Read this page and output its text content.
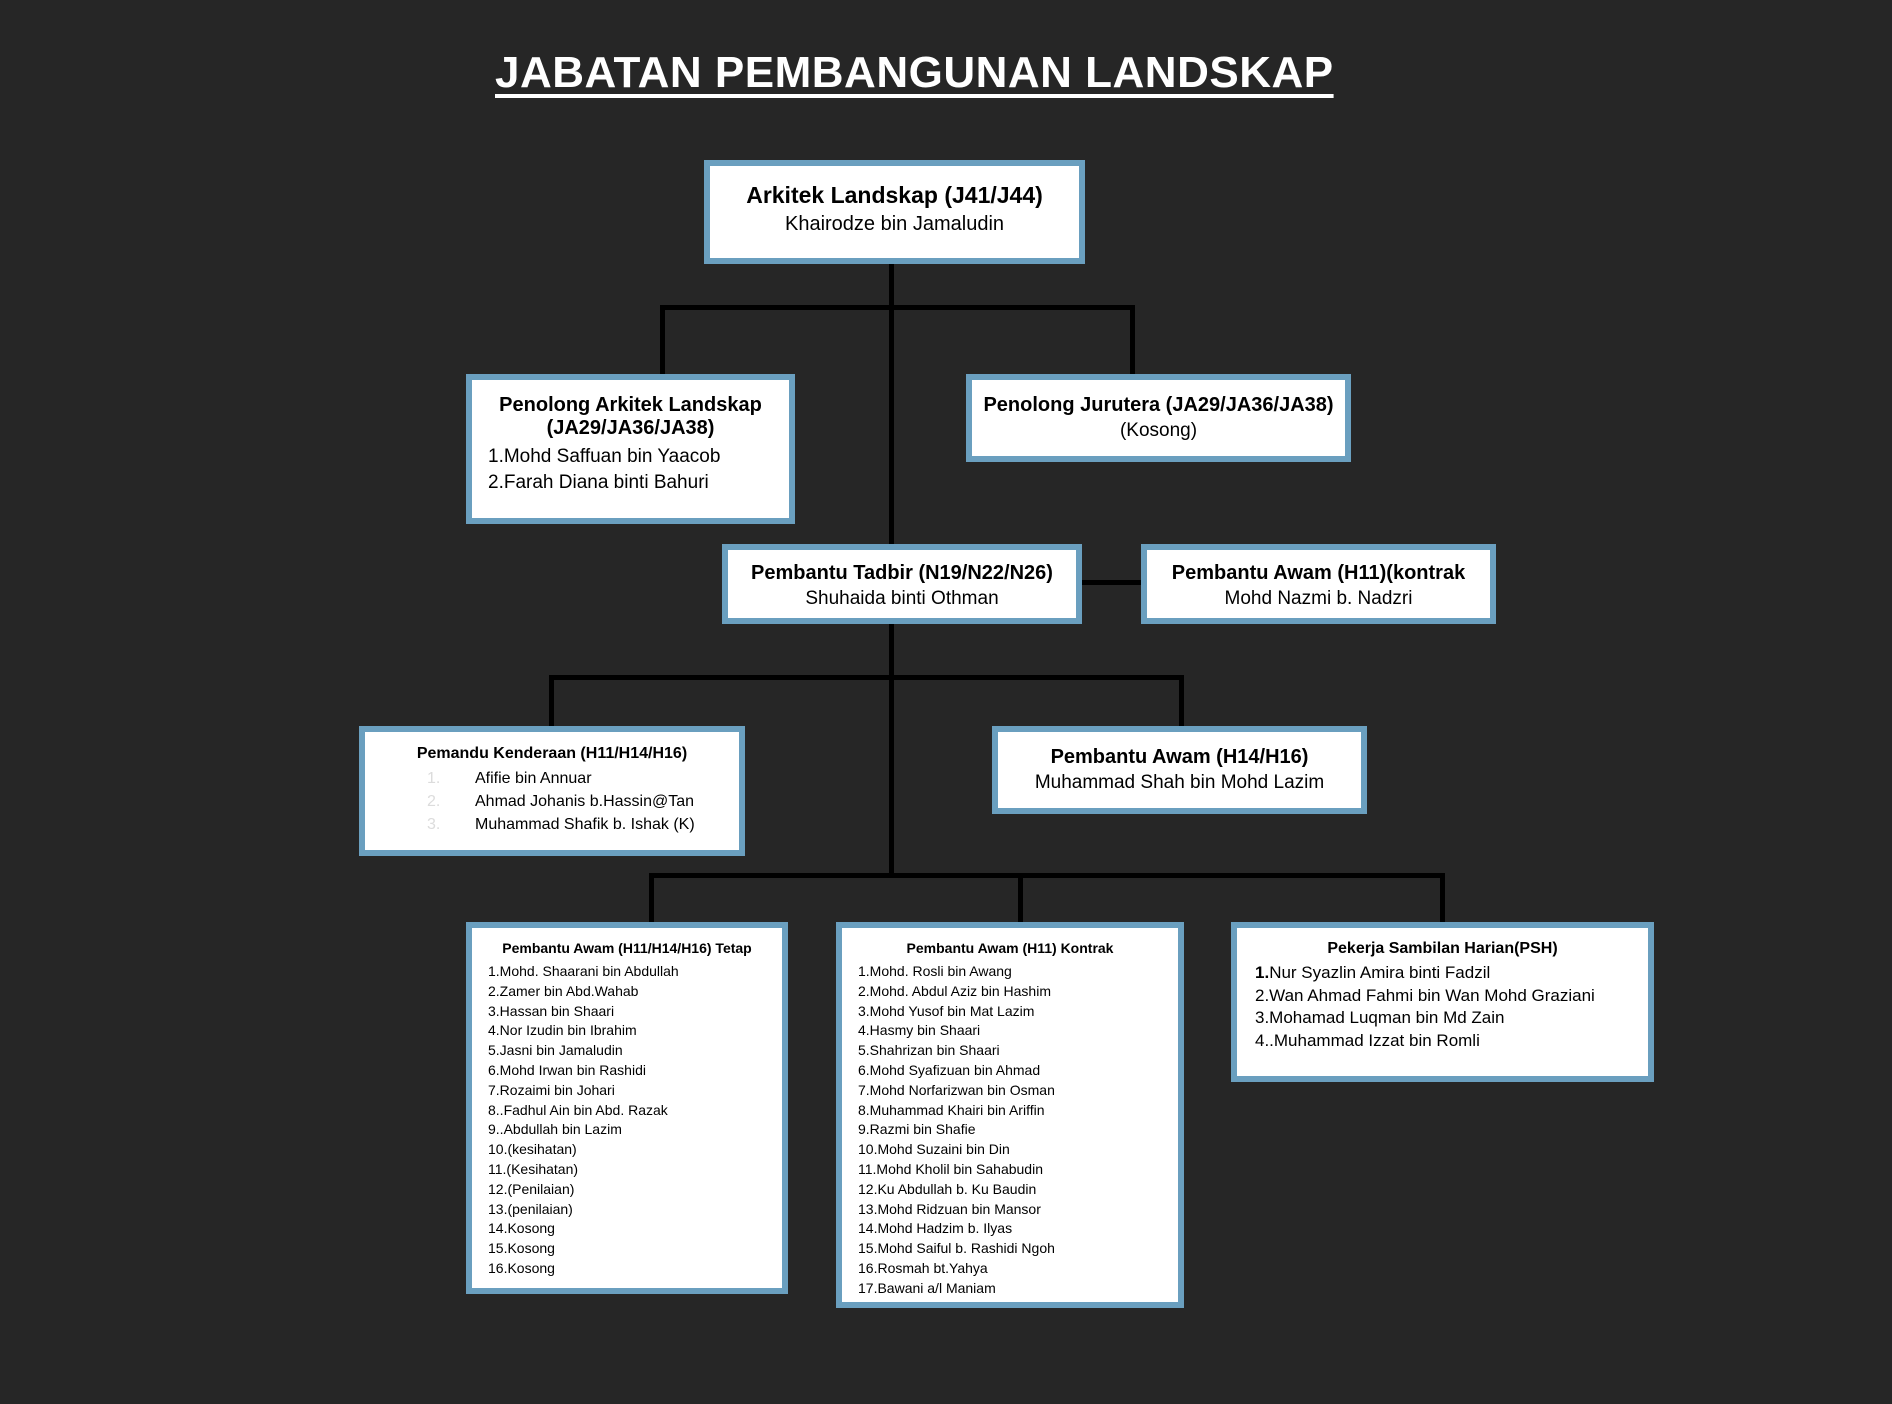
JABATAN PEMBANGUNAN LANDSKAP
Arkitek Landskap (J41/J44)
Khairodze bin Jamaludin
Penolong Arkitek Landskap
(JA29/JA36/JA38)
1.Mohd Saffuan bin Yaacob
2.Farah Diana binti Bahuri
Penolong Jurutera (JA29/JA36/JA38)
(Kosong)
Pembantu Tadbir (N19/N22/N26)
Shuhaida binti Othman
Pembantu Awam (H11)(kontrak
Mohd Nazmi b. Nadzri
Pemandu Kenderaan (H11/H14/H16)
1. Afifie bin Annuar
2. Ahmad Johanis b.Hassin@Tan
3. Muhammad Shafik b. Ishak (K)
Pembantu Awam (H14/H16)
Muhammad Shah bin Mohd Lazim
Pembantu Awam (H11/H14/H16) Tetap
1.Mohd. Shaarani bin Abdullah
2.Zamer bin Abd.Wahab
3.Hassan bin Shaari
4.Nor Izudin bin Ibrahim
5.Jasni bin Jamaludin
6.Mohd Irwan bin Rashidi
7.Rozaimi bin Johari
8..Fadhul Ain bin Abd. Razak
9..Abdullah bin Lazim
10.(kesihatan)
11.(Kesihatan)
12.(Penilaian)
13.(penilaian)
14.Kosong
15.Kosong
16.Kosong
Pembantu Awam (H11) Kontrak
1.Mohd. Rosli bin Awang
2.Mohd. Abdul Aziz bin Hashim
3.Mohd Yusof bin Mat Lazim
4.Hasmy bin Shaari
5.Shahrizan bin Shaari
6.Mohd Syafizuan bin Ahmad
7.Mohd Norfarizwan bin Osman
8.Muhammad Khairi bin Ariffin
9.Razmi bin Shafie
10.Mohd Suzaini bin Din
11.Mohd Kholil bin Sahabudin
12.Ku Abdullah b. Ku Baudin
13.Mohd Ridzuan bin Mansor
14.Mohd Hadzim b. Ilyas
15.Mohd Saiful b. Rashidi Ngoh
16.Rosmah bt.Yahya
17.Bawani a/l Maniam
Pekerja Sambilan Harian(PSH)
1.Nur Syazlin Amira binti Fadzil
2.Wan Ahmad Fahmi bin Wan Mohd Graziani
3.Mohamad Luqman bin Md Zain
4..Muhammad Izzat bin Romli
